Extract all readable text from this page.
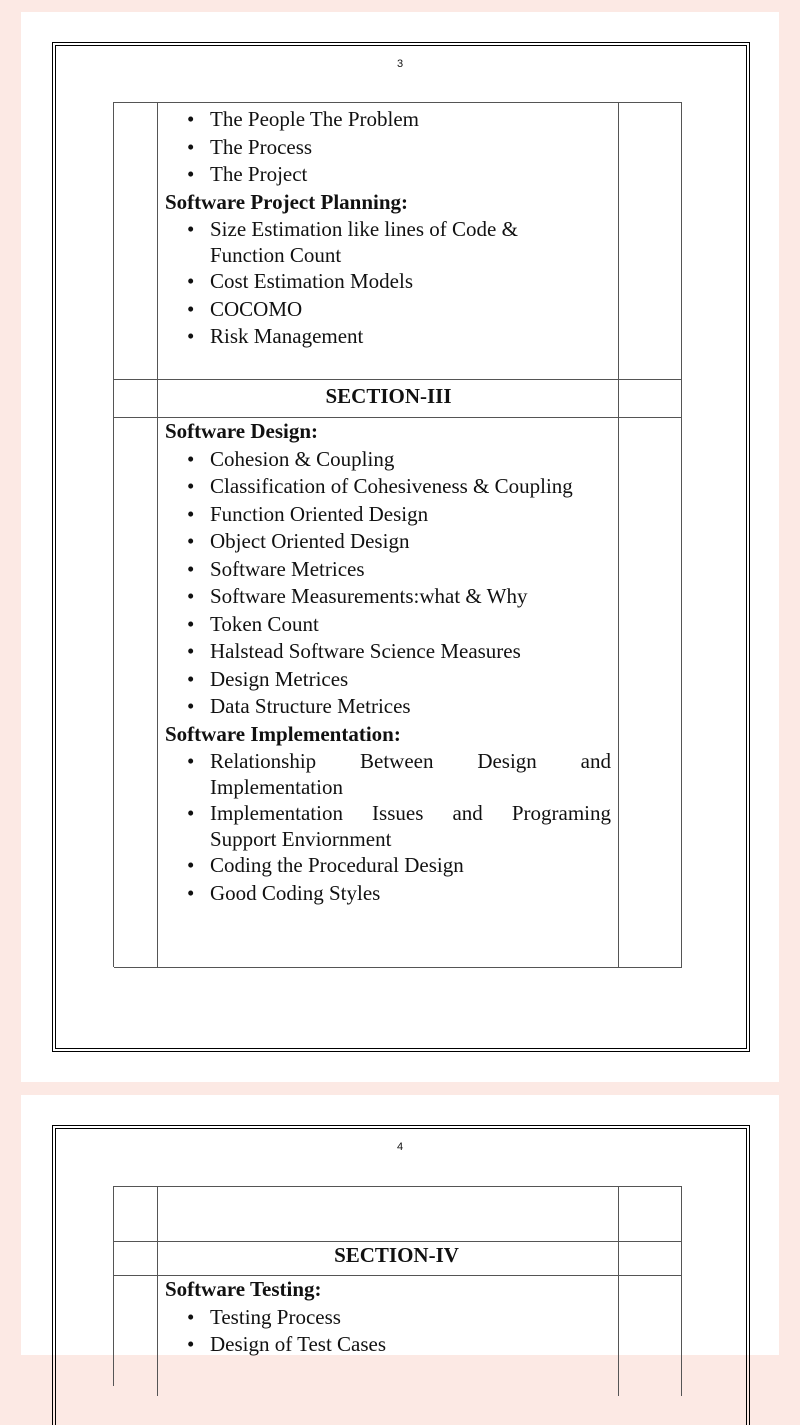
3
• The People The Problem
• The Process
• The Project
Software Project Planning:
• Size Estimation like lines of Code &
Function Count
• Cost Estimation Models
• COCOMO
• Risk Management
SECTION-III
Software Design:
• Cohesion & Coupling
• Classification of Cohesiveness & Coupling
• Function Oriented Design
• Object Oriented Design
• Software Metrices
• Software Measurements:what & Why
• Token Count
• Halstead Software Science Measures
• Design Metrices
• Data Structure Metrices
Software Implementation:
• Relationship Between Design and
Implementation
• Implementation Issues and Programing
Support Enviornment
• Coding the Procedural Design
• Good Coding Styles
4
SECTION-IV
Software Testing:
• Testing Process
• Design of Test Cases
